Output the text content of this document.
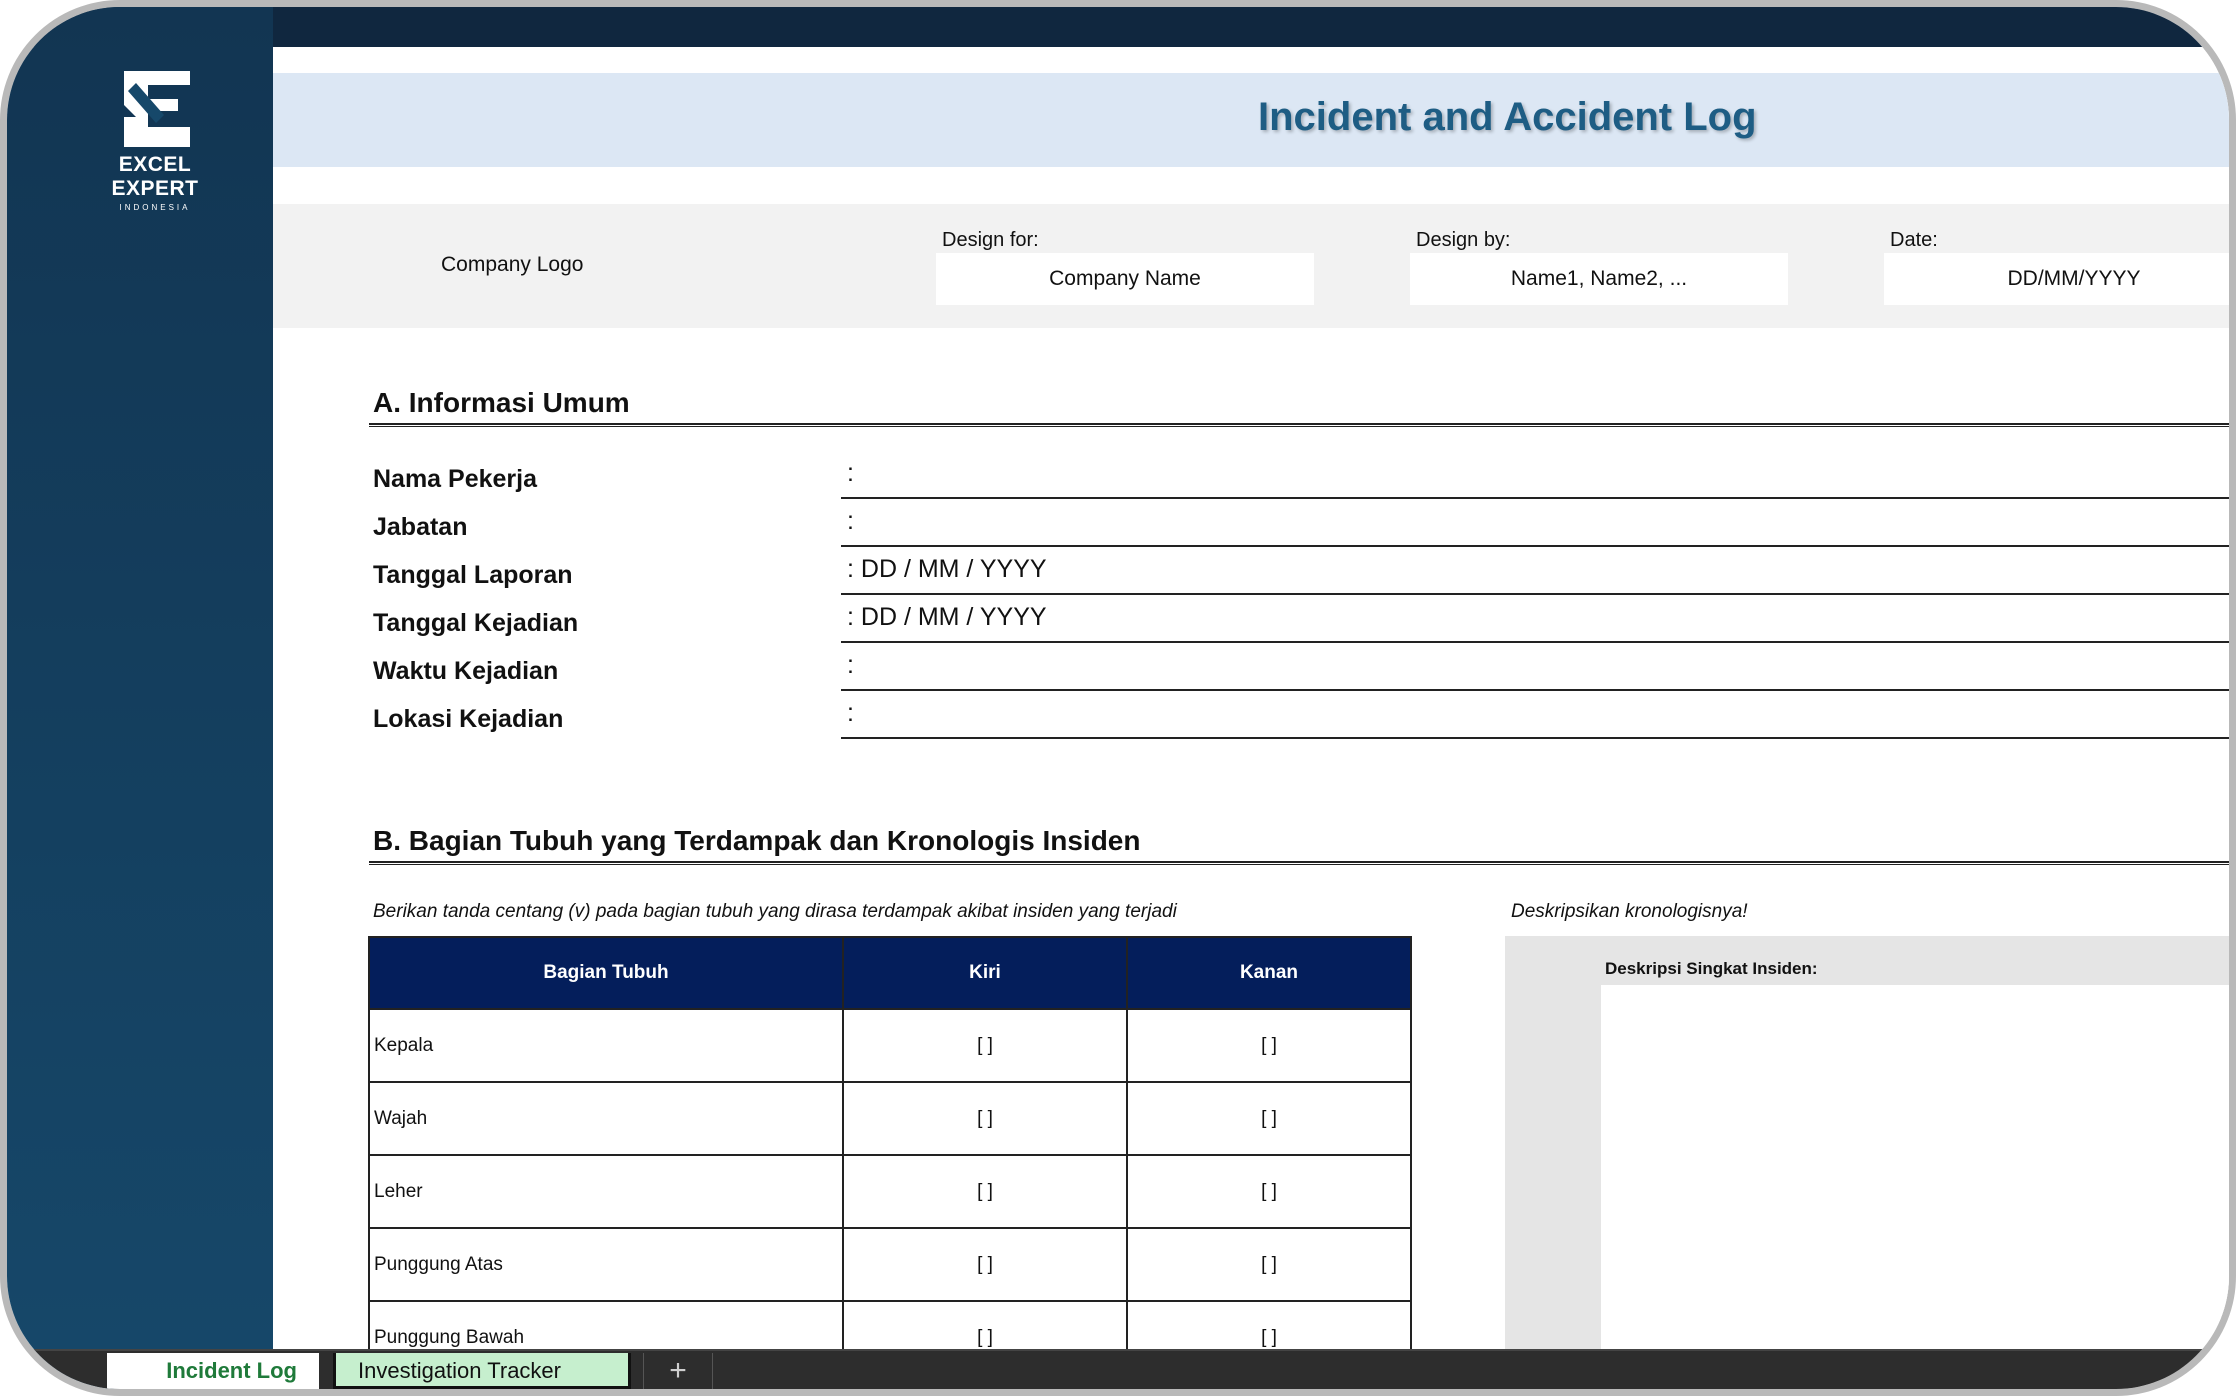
EXCEL EXPERT
INDONESIA
Incident and Accident Log
Company Logo
Design for:
Company Name
Design by:
Name1, Name2, ...
Date:
DD/MM/YYYY
A. Informasi Umum
Nama Pekerja	:
Jabatan	:
Tanggal Laporan	: DD / MM / YYYY
Tanggal Kejadian	: DD / MM / YYYY
Waktu Kejadian	:
Lokasi Kejadian	:
B. Bagian Tubuh yang Terdampak dan Kronologis Insiden
Berikan tanda centang (v) pada bagian tubuh yang dirasa terdampak akibat insiden yang terjadi	Deskripsikan kronologisnya!
Bagian Tubuh	Kiri	Kanan
Kepala	[ ]	[ ]
Wajah	[ ]	[ ]
Leher	[ ]	[ ]
Punggung Atas	[ ]	[ ]
Punggung Bawah	[ ]	[ ]
Deskripsi Singkat Insiden:
Incident Log	Investigation Tracker	+
